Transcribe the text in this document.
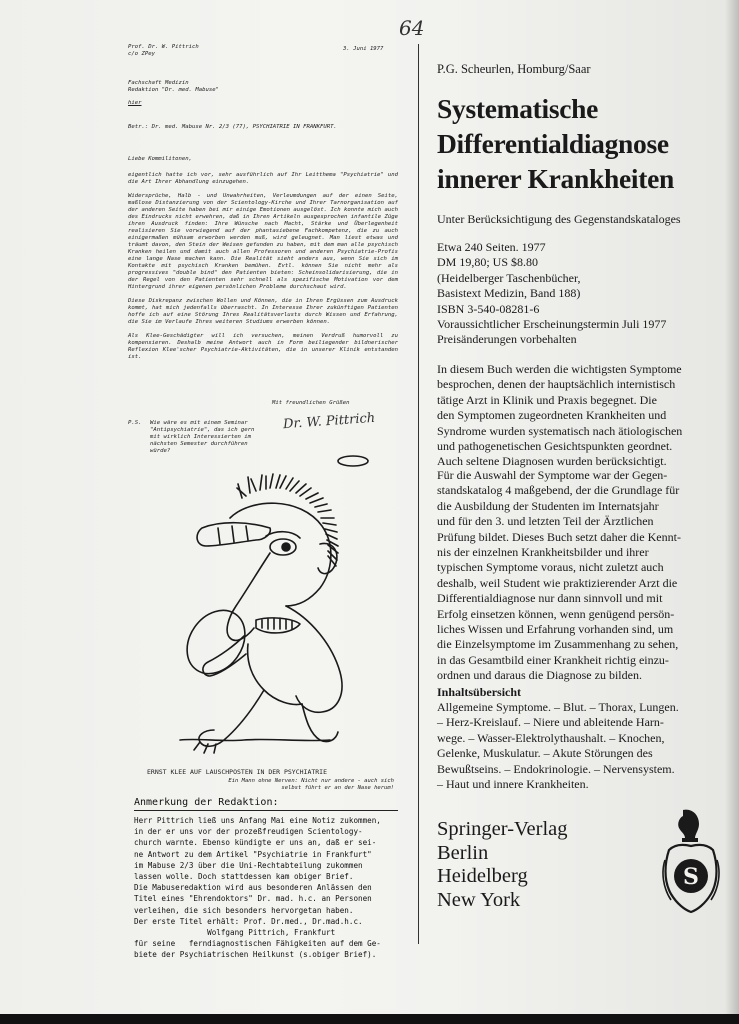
64
Prof. Dr. W. Pittrich
c/o ZPey
3. Juni 1977
Fachschaft Medizin
Redaktion "Dr. med. Mabuse"
hier
Betr.: Dr. med. Mabuse Nr. 2/3 (77), PSYCHIATRIE IN FRANKFURT.
Liebe Kommilitonen,

eigentlich hatte ich vor, sehr ausführlich auf Ihr Leitthema "Psychiatrie" und die Art Ihrer Abhandlung einzugehen.

Widersprüche, Halb - und Unwahrheiten, Verleumdungen auf der einen Seite, maßlose Distanzierung von der Scientology-Kirche und Ihrer Tarnorganisation auf der anderen Seite haben bei mir einige Emotionen ausgelöst. Ich konnte mich auch des Eindrucks nicht erwehren, daß in Ihren Artikeln ausgesprochen infantile Züge ihren Ausdruck finden: Ihre Wünsche nach Macht, Stärke und Überlegenheit realisieren Sie vorwiegend auf der phantasiebene Fachkompetenz, die zu auch einigermaßen mühsam erworben werden muß, wird geleugnet. Man liest etwas und träumt davon, den Stein der Weisen gefunden zu haben, mit dem man alle psychisch Kranken heilen und damit auch allen Professoren und anderen Psychiatrie-Profis eine lange Nase machen kann. Die Realität sieht anders aus, wenn Sie sich im Kontakte mit psychisch Kranken bemühen. Evtl. können Sie nicht mehr als progressives "double bind" den Patienten bieten: Scheinsolidarisierung, die in der Regel von den Patienten sehr schnell als spezifische Motivation vor dem Hintergrund ihrer eigenen persönlichen Probleme durchschaut wird.

Diese Diskrepanz zwischen Wollen und Können, die in Ihren Ergüssen zum Ausdruck kommt, hat mich jedenfalls überrascht. In Interesse Ihrer zukünftigen Patienten hoffe ich auf eine Störung Ihres Realitätsverlusts durch Wissen und Erfahrung, die Sie im Verlaufe Ihres weiteren Studiums erwerben können.

Als Klee-Geschädigter will ich versuchen, meinen Verdruß humorvoll zu kompensieren. Deshalb meine Antwort auch in Form beiliegender bildnerischer Reflexion Klee'scher Psychiatrie-Aktivitäten, die in unserer Klinik entstanden ist.

Mit freundlichen Grüßen
Dr. W. Pittrich
P.S. Wie wäre es mit einem Seminar "Antipsychiatrie", das ich gern mit wirklich Interessierten im nächsten Semester durchführen würde?
ERNST KLEE AUF LAUSCHPOSTEN IN DER PSYCHIATRIE
Ein Mann ohne Nerven: Nicht nur andere - auch sich
selbst führt er an der Nase herum!
Anmerkung der Redaktion:
Herr Pittrich ließ uns Anfang Mai eine Notiz zukommen,
in der er uns vor der prozeßfreudigen Scientology-
church warnte. Ebenso kündigte er uns an, daß er sei-
ne Antwort zu dem Artikel "Psychiatrie in Frankfurt"
im Mabuse 2/3 über die Uni-Rechtabteilung zukommen
lassen wolle. Doch stattdessen kam obiger Brief.
Die Mabuseredaktion wird aus besonderen Anlässen den
Titel eines "Ehrendoktors" Dr. mad. h.c. an Personen
verleihen, die sich besonders hervorgetan haben.
Der erste Titel erhält: Prof. Dr.med., Dr.mad.h.c.
Wolfgang Pittrich, Frankfurt
für seine   ferndiagnostischen Fähigkeiten auf dem Ge-
biete der Psychiatrischen Heilkunst (s.obiger Brief).
P.G. Scheurlen, Homburg/Saar
Systematische
Differentialdiagnose
innerer Krankheiten
Unter Berücksichtigung des Gegenstandskataloges
Etwa 240 Seiten. 1977
DM 19,80; US $8.80
(Heidelberger Taschenbücher,
Basistext Medizin, Band 188)
ISBN 3-540-08281-6
Voraussichtlicher Erscheinungstermin Juli 1977
Preisänderungen vorbehalten
In diesem Buch werden die wichtigsten Symptome
besprochen, denen der hauptsächlich internistisch
tätige Arzt in Klinik und Praxis begegnet. Die
den Symptomen zugeordneten Krankheiten und
Syndrome wurden systematisch nach ätiologischen
und pathogenetischen Gesichtspunkten geordnet.
Auch seltene Diagnosen wurden berücksichtigt.
Für die Auswahl der Symptome war der Gegen-
standskatalog 4 maßgebend, der die Grundlage für
die Ausbildung der Studenten im Internatsjahr
und für den 3. und letzten Teil der Ärztlichen
Prüfung bildet. Dieses Buch setzt daher die Kennt-
nis der einzelnen Krankheitsbilder und ihrer
typischen Symptome voraus, nicht zuletzt auch
deshalb, weil Student wie praktizierender Arzt die
Differentialdiagnose nur dann sinnvoll und mit
Erfolg einsetzen können, wenn genügend persön-
liches Wissen und Erfahrung vorhanden sind, um
die Einzelsymptome im Zusammenhang zu sehen,
in das Gesamtbild einer Krankheit richtig einzu-
ordnen und daraus die Diagnose zu bilden.
Inhaltsübersicht
Allgemeine Symptome. – Blut. – Thorax, Lungen.
– Herz-Kreislauf. – Niere und ableitende Harn-
wege. – Wasser-Elektrolythaushalt. – Knochen,
Gelenke, Muskulatur. – Akute Störungen des
Bewußtseins. – Endokrinologie. – Nervensystem.
– Haut und innere Krankheiten.
Springer-Verlag
Berlin
Heidelberg
New York
S
